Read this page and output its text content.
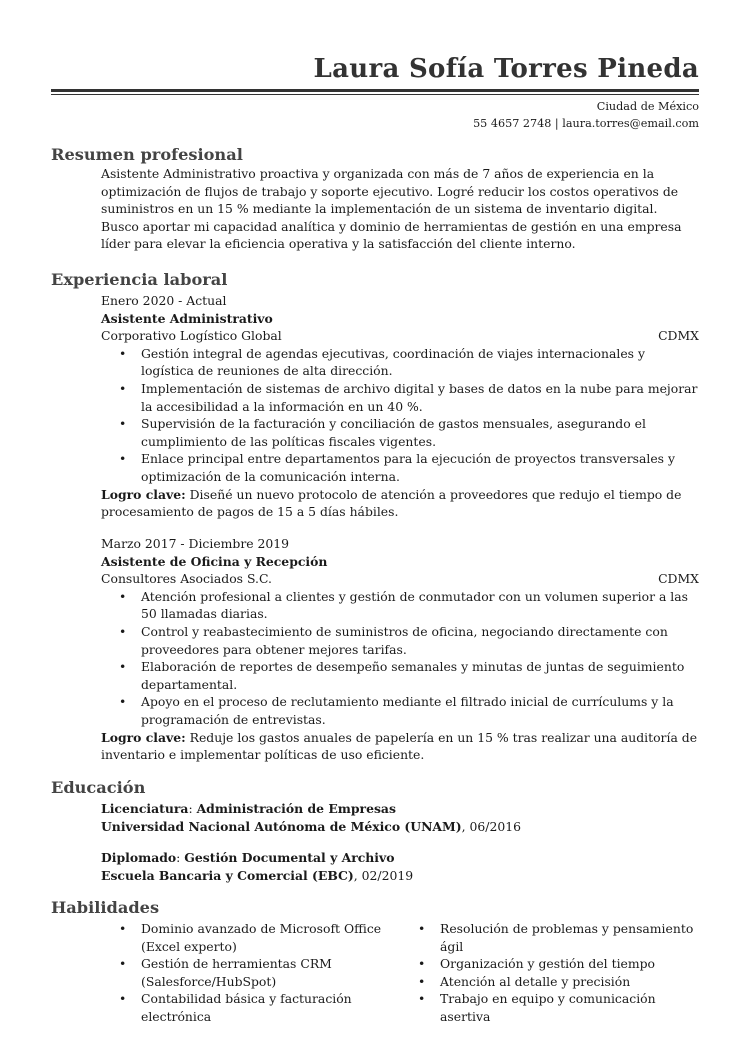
Laura Sofía Torres Pineda
Ciudad de México
55 4657 2748 | laura.torres@email.com
Resumen profesional

Asistente Administrativo proactiva y organizada con más de 7 años de experiencia en la optimización de flujos de trabajo y soporte ejecutivo. Logré reducir los costos operativos de suministros en un 15 % mediante la implementación de un sistema de inventario digital. Busco aportar mi capacidad analítica y dominio de herramientas de gestión en una empresa líder para elevar la eficiencia operativa y la satisfacción del cliente interno.

Experiencia laboral
Enero 2020 - Actual
Asistente Administrativo
Corporativo Logístico Global	CDMX
• Gestión integral de agendas ejecutivas, coordinación de viajes internacionales y logística de reuniones de alta dirección.
• Implementación de sistemas de archivo digital y bases de datos en la nube para mejorar la accesibilidad a la información en un 40 %.
• Supervisión de la facturación y conciliación de gastos mensuales, asegurando el cumplimiento de las políticas fiscales vigentes.
• Enlace principal entre departamentos para la ejecución de proyectos transversales y optimización de la comunicación interna.

Logro clave: Diseñé un nuevo protocolo de atención a proveedores que redujo el tiempo de procesamiento de pagos de 15 a 5 días hábiles.

Marzo 2017 - Diciembre 2019
Asistente de Oficina y Recepción
Consultores Asociados S.C.	CDMX
• Atención profesional a clientes y gestión de conmutador con un volumen superior a las 50 llamadas diarias.
• Control y reabastecimiento de suministros de oficina, negociando directamente con proveedores para obtener mejores tarifas.
• Elaboración de reportes de desempeño semanales y minutas de juntas de seguimiento departamental.
• Apoyo en el proceso de reclutamiento mediante el filtrado inicial de currículums y la programación de entrevistas.

Logro clave: Reduje los gastos anuales de papelería en un 15 % tras realizar una auditoría de inventario e implementar políticas de uso eficiente.

Educación
Licenciatura: Administración de Empresas
Universidad Nacional Autónoma de México (UNAM), 06/2016
Diplomado: Gestión Documental y Archivo
Escuela Bancaria y Comercial (EBC), 02/2019
Habilidades
• Dominio avanzado de Microsoft Office (Excel experto)
• Gestión de herramientas CRM (Salesforce/HubSpot)
• Contabilidad básica y facturación electrónica
• Resolución de problemas y pensamiento ágil
• Organización y gestión del tiempo
• Atención al detalle y precisión
• Trabajo en equipo y comunicación asertiva
